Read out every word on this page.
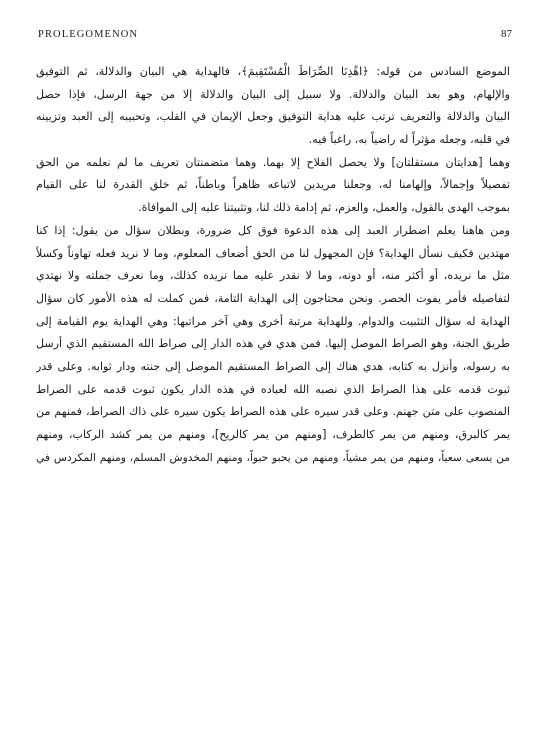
PROLEGOMENON	87
الموضع السادس من قوله: ﴿اهْدِنَا الصِّرَاطَ الْمُسْتَقِيمَ﴾، فالهداية هي البيان والدلالة، ثم التوفيق
والإلهام، وهو بعد البيان والدلالة. ولا سبيل إلى البيان والدلالة إلا من جهة الرسل، فإذا حصل
البيان والدلالة والتعريف ترتب عليه هداية التوفيق وجعل الإيمان في القلب، وتحبيبه إلى العبد وتزيينه
في قلبه، وجعله مؤثراً له راضياً به، راغباً فيه.
وهما [هدايتان مستقلتان] ولا يحصل الفلاح إلا بهما. وهما متضمنتان تعريف ما لم نعلمه من الحق
تفصيلاً وإجمالاً، وإلهامنا له، وجعلنا مريدين لاتباعه ظاهراً وباطناً، ثم خلق القدرة لنا على القيام
بموجب الهدى بالقول، والعمل، والعزم، ثم إدامة ذلك لنا، وتثبيتنا عليه إلى الموافاة.
ومن هاهنا يعلم اضطرار العبد إلى هذه الدعوة فوق كل ضرورة، وبطلان سؤال من يقول: إذا كنا
مهتدين فكيف نسأل الهداية؟ فإن المجهول لنا من الحق أضعاف المعلوم، وما لا نريد فعله تهاوناً وكسلاً
مثل ما نريده، أو أكثر منه، أو دونه، وما لا نقدر عليه مما نريده كذلك، وما نعرف جملته ولا نهتدي
لتفاصيله فأمر يفوت الحصر. ونحن محتاجون إلى الهداية التامة، فمن كملت له هذه الأمور كان سؤال
الهداية له سؤال التثبيت والدوام. وللهداية مرتبة أخرى وهي آخر مراتبها: وهي الهداية يوم القيامة إلى
طريق الجنة، وهو الصراط الموصل إليها. فمن هدي في هذه الدار إلى صراط الله المستقيم الذي أرسل
به رسوله، وأنزل به كتابه، هدي هناك إلى الصراط المستقيم الموصل إلى جنته ودار ثوابه. وعلى قدر
ثبوت قدمه على هذا الصراط الذي نصبه الله لعباده في هذه الدار يكون ثبوت قدمه على الصراط
المنصوب على متن جهنم. وعلى قدر سيره على هذه الصراط يكون سيره على ذاك الصراط، فمنهم من
يمر كالبرق، ومنهم من يمر كالطرف، [ومنهم من يمر كالريح]، ومنهم من يمر كشد الركاب، ومنهم
من يسعى سعياً، ومنهم من يمر مشياً، ومنهم من يحبو حبواً، ومنهم المخدوش المسلم، ومنهم المكردس في
